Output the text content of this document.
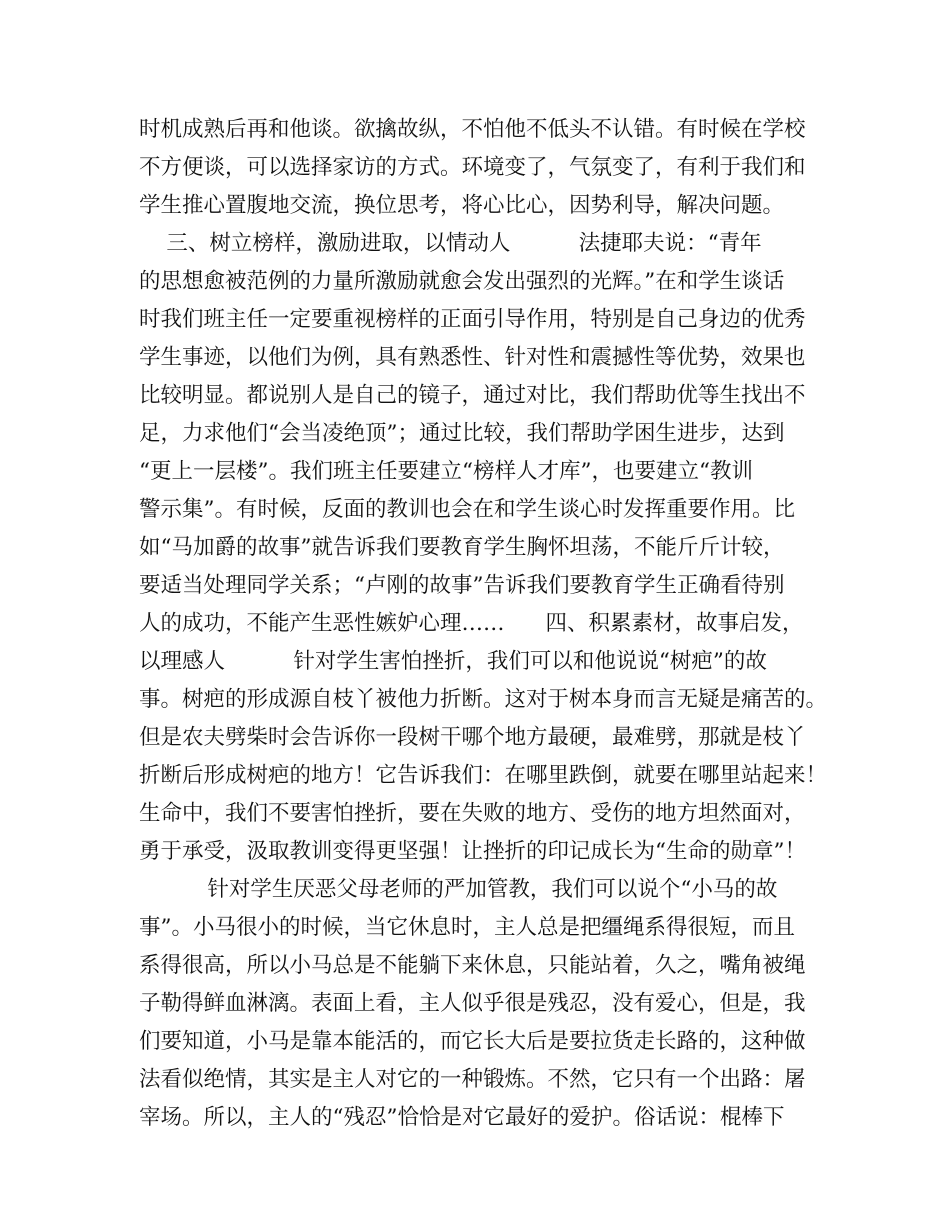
时机成熟后再和他谈。欲擒故纵，不怕他不低头不认错。有时候在学校
不方便谈，可以选择家访的方式。环境变了，气氛变了，有利于我们和
学生推心置腹地交流，换位思考，将心比心，因势利导，解决问题。
三、树立榜样，激励进取，以情动人          法捷耶夫说：“青年
的思想愈被范例的力量所激励就愈会发出强烈的光辉。”在和学生谈话
时我们班主任一定要重视榜样的正面引导作用，特别是自己身边的优秀
学生事迹，以他们为例，具有熟悉性、针对性和震撼性等优势，效果也
比较明显。都说别人是自己的镜子，通过对比，我们帮助优等生找出不
足，力求他们“会当凌绝顶”；通过比较，我们帮助学困生进步，达到
“更上一层楼”。我们班主任要建立“榜样人才库”，也要建立“教训
警示集”。有时候，反面的教训也会在和学生谈心时发挥重要作用。比
如“马加爵的故事”就告诉我们要教育学生胸怀坦荡，不能斤斤计较，
要适当处理同学关系；“卢刚的故事”告诉我们要教育学生正确看待别
人的成功，不能产生恶性嫉妒心理……      四、积累素材，故事启发，
以理感人          针对学生害怕挫折，我们可以和他说说“树疤”的故
事。树疤的形成源自枝丫被他力折断。这对于树本身而言无疑是痛苦的。
但是农夫劈柴时会告诉你一段树干哪个地方最硬，最难劈，那就是枝丫
折断后形成树疤的地方！它告诉我们：在哪里跌倒，就要在哪里站起来！
生命中，我们不要害怕挫折，要在失败的地方、受伤的地方坦然面对，
勇于承受，汲取教训变得更坚强！让挫折的印记成长为“生命的勋章”！
针对学生厌恶父母老师的严加管教，我们可以说个“小马的故
事”。小马很小的时候，当它休息时，主人总是把缰绳系得很短，而且
系得很高，所以小马总是不能躺下来休息，只能站着，久之，嘴角被绳
子勒得鲜血淋漓。表面上看，主人似乎很是残忍，没有爱心，但是，我
们要知道，小马是靠本能活的，而它长大后是要拉货走长路的，这种做
法看似绝情，其实是主人对它的一种锻炼。不然，它只有一个出路：屠
宰场。所以，主人的“残忍”恰恰是对它最好的爱护。俗话说：棍棒下
